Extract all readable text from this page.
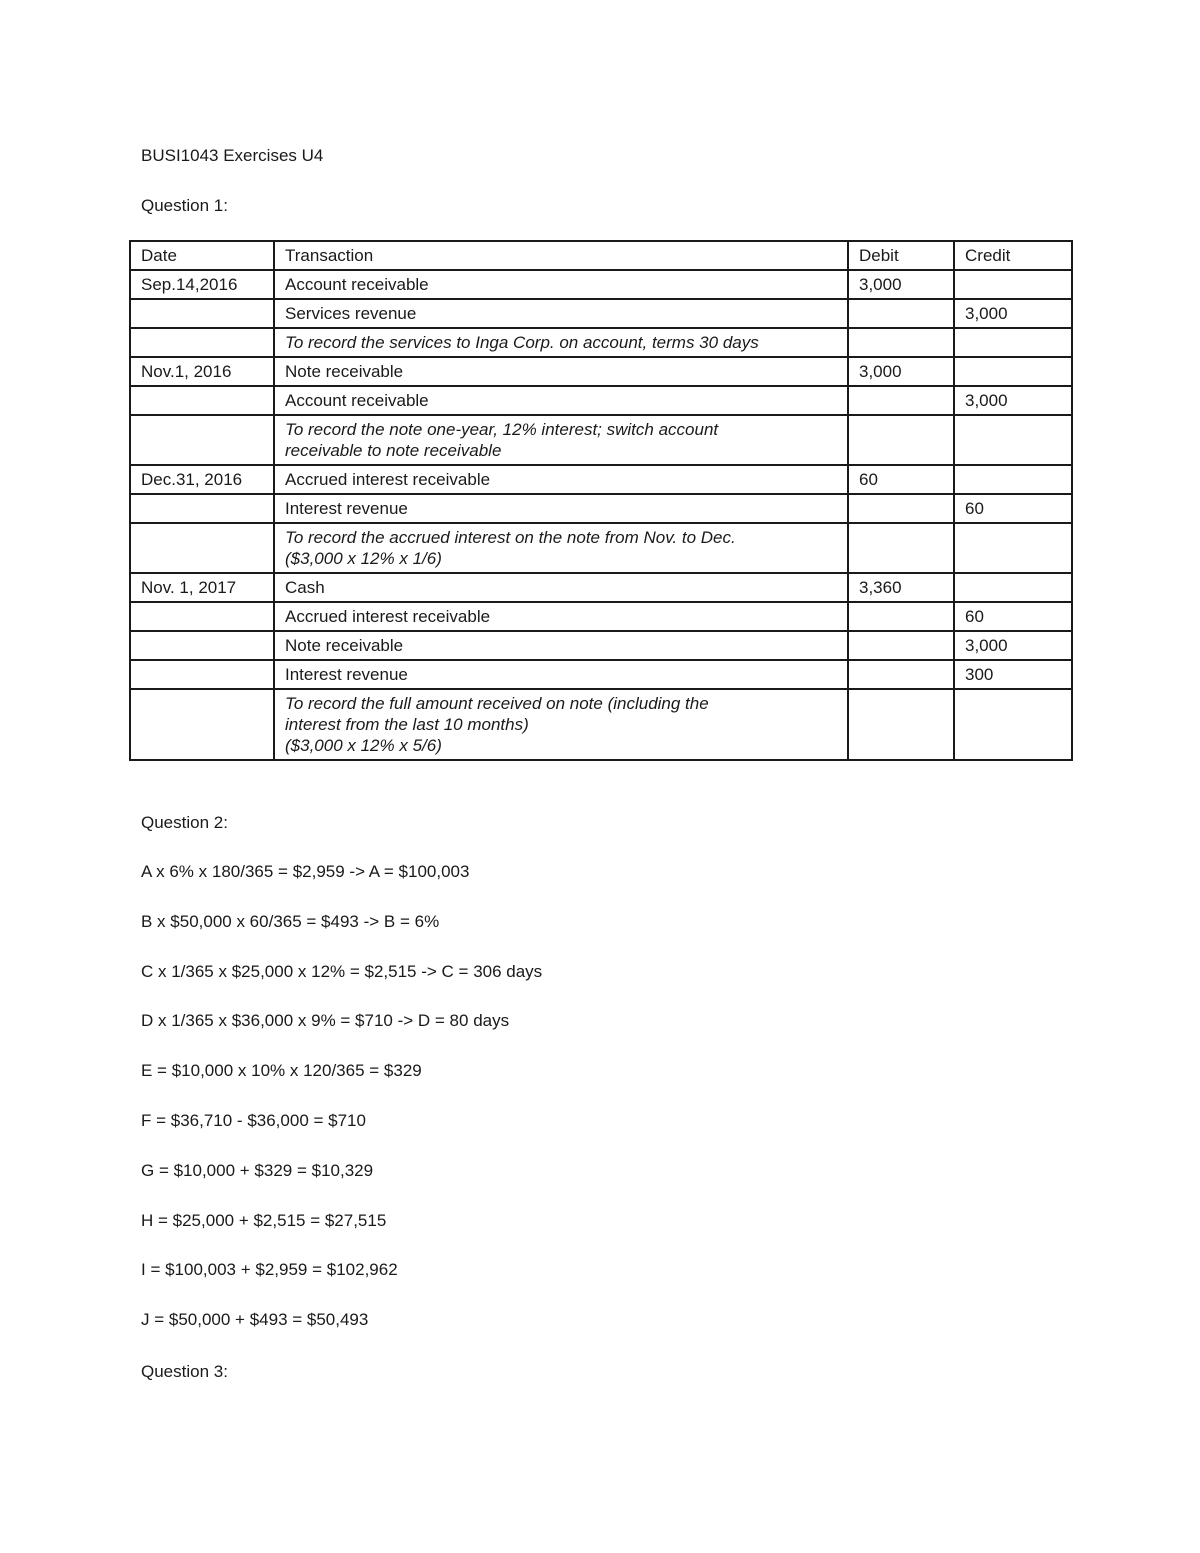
BUSI1043 Exercises U4
Question 1:
Date	Transaction	Debit	Credit
Sep.14,2016	Account receivable	3,000	
	Services revenue		3,000
	To record the services to Inga Corp. on account, terms 30 days		
Nov.1, 2016	Note receivable	3,000	
	Account receivable		3,000

	To record the note one-year, 12% interest; switch account
receivable to note receivable		

Dec.31, 2016	Accrued interest receivable	60	
	Interest revenue		60

	To record the accrued interest on the note from Nov. to Dec.
($3,000 x 12% x 1/6)		

Nov. 1, 2017	Cash	3,360	
	Accrued interest receivable		60
	Note receivable		3,000
	Interest revenue		300

	To record the full amount received on note (including the
interest from the last 10 months)
($3,000 x 12% x 5/6)		

Question 2:
A x 6% x 180/365 = $2,959 -> A = $100,003
B x $50,000 x 60/365 = $493 -> B = 6%
C x 1/365 x $25,000 x 12% = $2,515 -> C = 306 days
D x 1/365 x $36,000 x 9% = $710 -> D = 80 days
E = $10,000 x 10% x 120/365 = $329
F = $36,710 - $36,000 = $710
G = $10,000 + $329 = $10,329
H = $25,000 + $2,515 = $27,515
I = $100,003 + $2,959 = $102,962
J = $50,000 + $493 = $50,493
Question 3:
